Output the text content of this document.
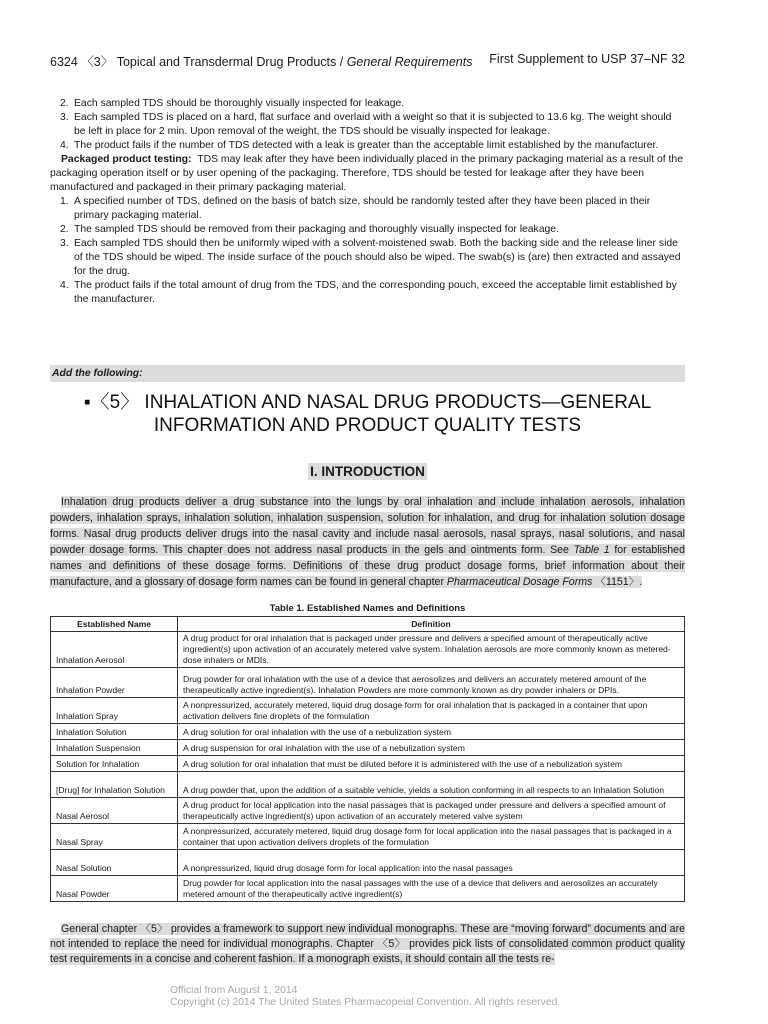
6324 〈3〉 Topical and Transdermal Drug Products / General Requirements First Supplement to USP 37–NF 32
2. Each sampled TDS should be thoroughly visually inspected for leakage.
3. Each sampled TDS is placed on a hard, flat surface and overlaid with a weight so that it is subjected to 13.6 kg. The weight should be left in place for 2 min. Upon removal of the weight, the TDS should be visually inspected for leakage.
4. The product fails if the number of TDS detected with a leak is greater than the acceptable limit established by the manufacturer.

Packaged product testing: TDS may leak after they have been individually placed in the primary packaging material as a result of the packaging operation itself or by user opening of the packaging. Therefore, TDS should be tested for leakage after they have been manufactured and packaged in their primary packaging material.

1. A specified number of TDS, defined on the basis of batch size, should be randomly tested after they have been placed in their primary packaging material.
2. The sampled TDS should be removed from their packaging and thoroughly visually inspected for leakage.
3. Each sampled TDS should then be uniformly wiped with a solvent-moistened swab. Both the backing side and the release liner side of the TDS should be wiped. The inside surface of the pouch should also be wiped. The swab(s) is (are) then extracted and assayed for the drug.
4. The product fails if the total amount of drug from the TDS, and the corresponding pouch, exceed the acceptable limit established by the manufacturer.
Add the following:
▪〈5〉 INHALATION AND NASAL DRUG PRODUCTS—GENERAL
INFORMATION AND PRODUCT QUALITY TESTS
I. INTRODUCTION

Inhalation drug products deliver a drug substance into the lungs by oral inhalation and include inhalation aerosols, inhalation powders, inhalation sprays, inhalation solution, inhalation suspension, solution for inhalation, and drug for inhalation solution dosage forms. Nasal drug products deliver drugs into the nasal cavity and include nasal aerosols, nasal sprays, nasal solutions, and nasal powder dosage forms. This chapter does not address nasal products in the gels and ointments form. See Table 1 for established names and definitions of these dosage forms. Definitions of these drug product dosage forms, brief information about their manufacture, and a glossary of dosage form names can be found in general chapter Pharmaceutical Dosage Forms 〈1151〉.

Table 1. Established Names and Definitions
Established Name	Definition
Inhalation Aerosol	A drug product for oral inhalation that is packaged under pressure and delivers a specified amount of therapeutically active ingredient(s) upon activation of an accurately metered valve system. Inhalation aerosols are more commonly known as metered-dose inhalers or MDIs.
Inhalation Powder	Drug powder for oral inhalation with the use of a device that aerosolizes and delivers an accurately metered amount of the therapeutically active ingredient(s). Inhalation Powders are more commonly known as dry powder inhalers or DPIs.
Inhalation Spray	A nonpressurized, accurately metered, liquid drug dosage form for oral inhalation that is packaged in a container that upon activation delivers fine droplets of the formulation
Inhalation Solution	A drug solution for oral inhalation with the use of a nebulization system
Inhalation Suspension	A drug suspension for oral inhalation with the use of a nebulization system
Solution for Inhalation	A drug solution for oral inhalation that must be diluted before it is administered with the use of a nebulization system
[Drug] for Inhalation Solution	A drug powder that, upon the addition of a suitable vehicle, yields a solution conforming in all respects to an Inhalation Solution
Nasal Aerosol	A drug product for local application into the nasal passages that is packaged under pressure and delivers a specified amount of therapeutically active ingredient(s) upon activation of an accurately metered valve system
Nasal Spray	A nonpressurized, accurately metered, liquid drug dosage form for local application into the nasal passages that is packaged in a container that upon activation delivers droplets of the formulation
Nasal Solution	A nonpressurized, liquid drug dosage form for local application into the nasal passages
Nasal Powder	Drug powder for local application into the nasal passages with the use of a device that delivers and aerosolizes an accurately metered amount of the therapeutically active ingredient(s)

General chapter 〈5〉 provides a framework to support new individual monographs. These are “moving forward” documents and are not intended to replace the need for individual monographs. Chapter 〈5〉 provides pick lists of consolidated common product quality test requirements in a concise and coherent fashion. If a monograph exists, it should contain all the tests re-

Official from August 1, 2014
Copyright (c) 2014 The United States Pharmacopeial Convention. All rights reserved.
